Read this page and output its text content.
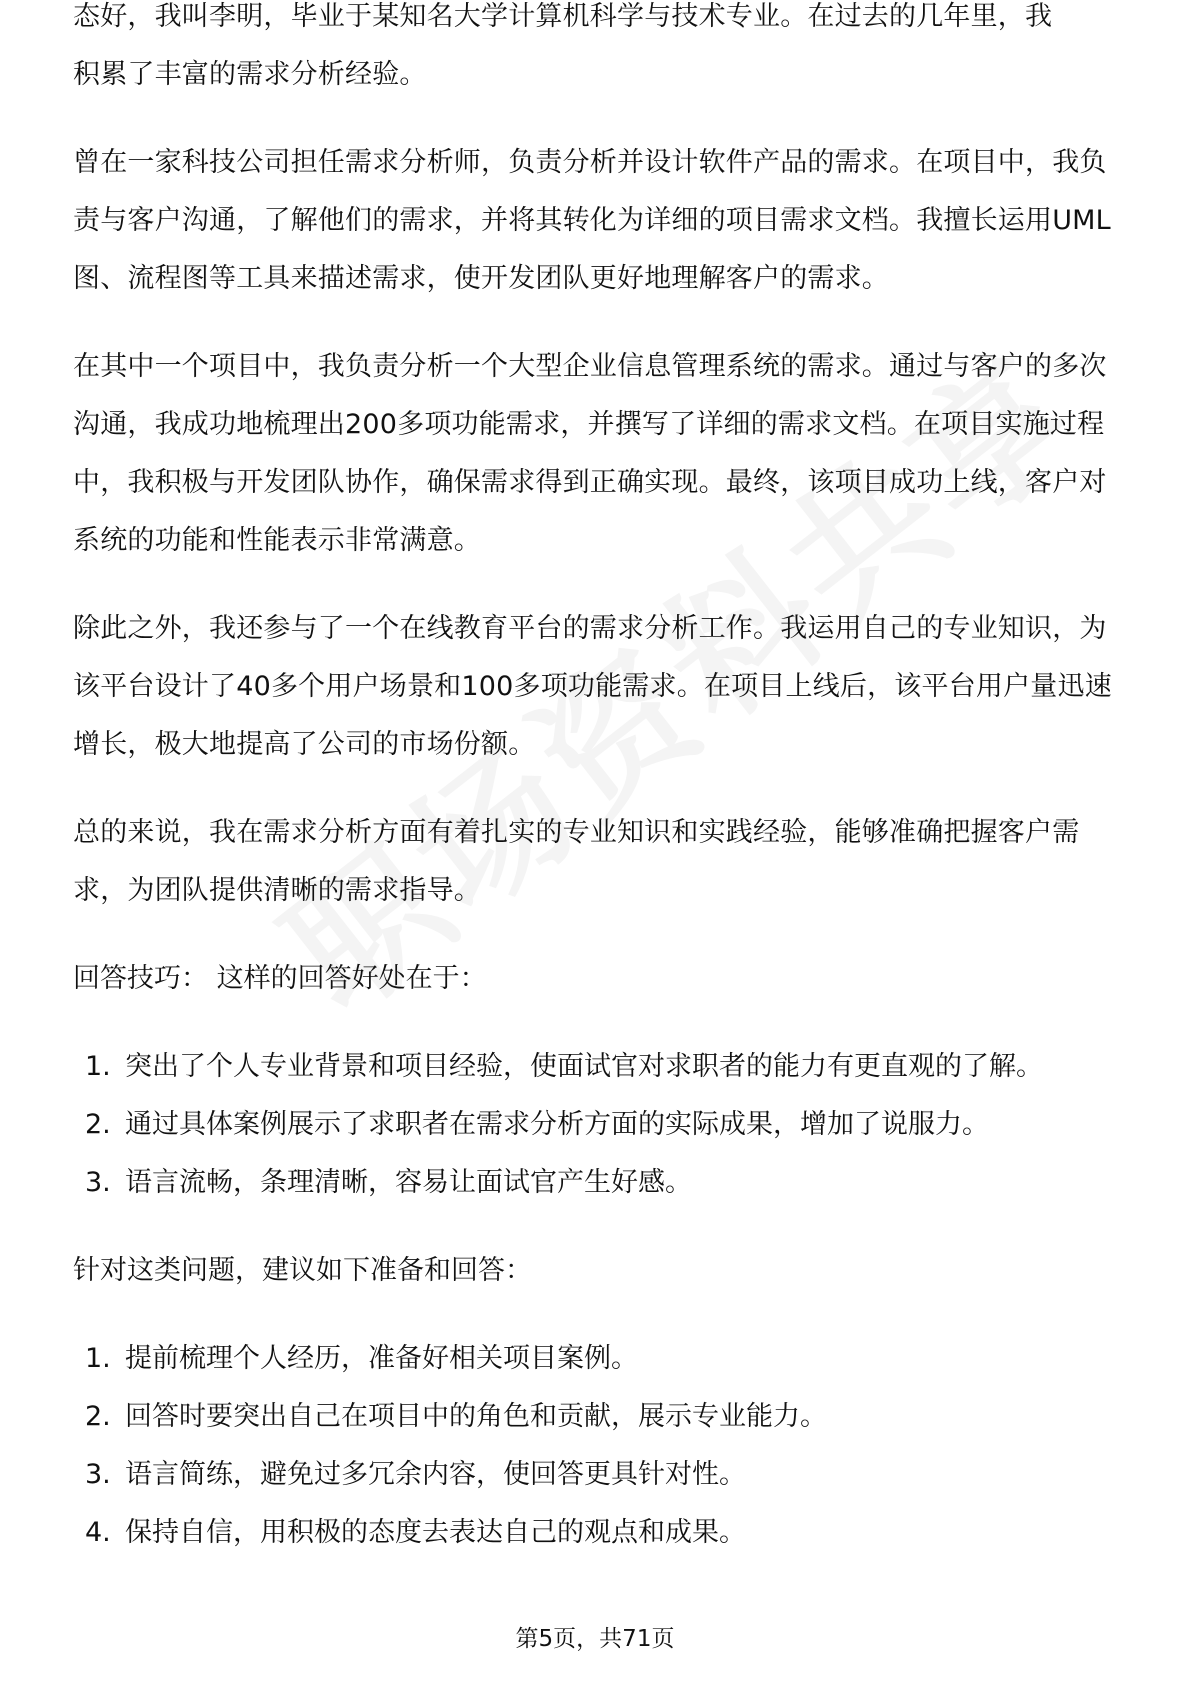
态好，我叫李明，毕业于某知名大学计算机科学与技术专业。在过去的几年里，我
积累了丰富的需求分析经验。

曾在一家科技公司担任需求分析师，负责分析并设计软件产品的需求。在项目中，我负责与客户沟通，了解他们的需求，并将其转化为详细的项目需求文档。我擅长运用UML图、流程图等工具来描述需求，使开发团队更好地理解客户的需求。

在其中一个项目中，我负责分析一个大型企业信息管理系统的需求。通过与客户的多次沟通，我成功地梳理出200多项功能需求，并撰写了详细的需求文档。在项目实施过程中，我积极与开发团队协作，确保需求得到正确实现。最终，该项目成功上线，客户对系统的功能和性能表示非常满意。

除此之外，我还参与了一个在线教育平台的需求分析工作。我运用自己的专业知识，为该平台设计了40多个用户场景和100多项功能需求。在项目上线后，该平台用户量迅速增长，极大地提高了公司的市场份额。

总的来说，我在需求分析方面有着扎实的专业知识和实践经验，能够准确把握客户需求，为团队提供清晰的需求指导。

回答技巧： 这样的回答好处在于：
1. 突出了个人专业背景和项目经验，使面试官对求职者的能力有更直观的了解。
2. 通过具体案例展示了求职者在需求分析方面的实际成果，增加了说服力。
3. 语言流畅，条理清晰，容易让面试官产生好感。
针对这类问题，建议如下准备和回答：
1. 提前梳理个人经历，准备好相关项目案例。
2. 回答时要突出自己在项目中的角色和贡献，展示专业能力。
3. 语言简练，避免过多冗余内容，使回答更具针对性。
4. 保持自信，用积极的态度去表达自己的观点和成果。
第5页，共71页
